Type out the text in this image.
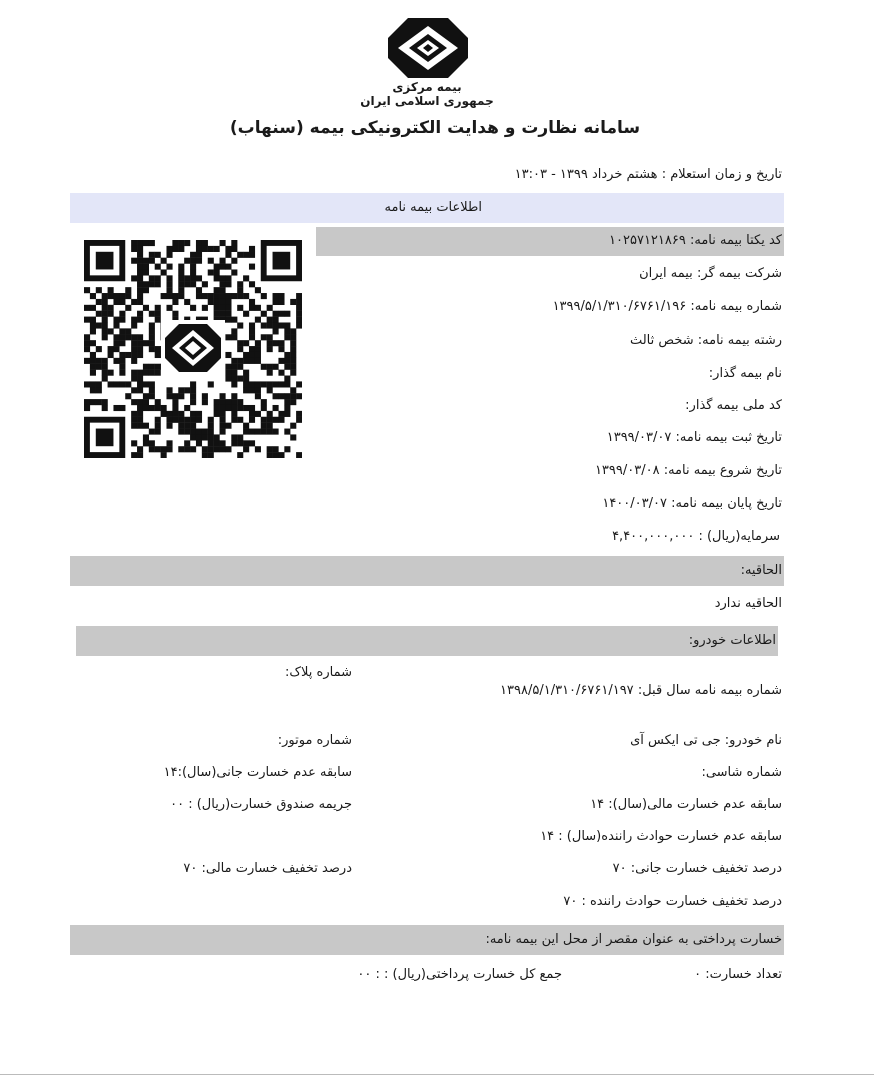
بیمه مرکزی
جمهوری اسلامی ایران
سامانه نظارت و هدایت الکترونیکی بیمه (سنهاب)
تاریخ و زمان استعلام : هشتم خرداد ۱۳۹۹ - ۱۳:۰۳
اطلاعات بیمه نامه
کد یکتا بیمه نامه: ۱۰۲۵۷۱۲۱۸۶۹
شرکت بیمه گر: بیمه ایران
شماره بیمه نامه: ۱۳۹۹/۵/۱/۳۱۰/۶۷۶۱/۱۹۶
رشته بیمه نامه: شخص ثالث
نام بیمه گذار:
کد ملی بیمه گذار:
تاریخ ثبت بیمه نامه: ۱۳۹۹/۰۳/۰۷
تاریخ شروع بیمه نامه: ۱۳۹۹/۰۳/۰۸
تاریخ پایان بیمه نامه: ۱۴۰۰/۰۳/۰۷
سرمایه(ریال) : ۴,۴۰۰,۰۰۰,۰۰۰
الحاقیه:
الحاقیه ندارد
اطلاعات خودرو:
شماره پلاک:
شماره بیمه نامه سال قبل: ۱۳۹۸/۵/۱/۳۱۰/۶۷۶۱/۱۹۷
شماره موتور:	نام خودرو: جی تی ایکس آی
سابقه عدم خسارت جانی(سال):۱۴	شماره شاسی:
جریمه صندوق خسارت(ریال) : ۰۰	سابقه عدم خسارت مالی(سال): ۱۴
سابقه عدم خسارت حوادث راننده(سال) : ۱۴
درصد تخفیف خسارت مالی: ۷۰	درصد تخفیف خسارت جانی: ۷۰
درصد تخفیف خسارت حوادث راننده : ۷۰
خسارت پرداختی به عنوان مقصر از محل این بیمه نامه:
تعداد خسارت: ۰
جمع کل خسارت پرداختی(ریال) : : ۰۰
